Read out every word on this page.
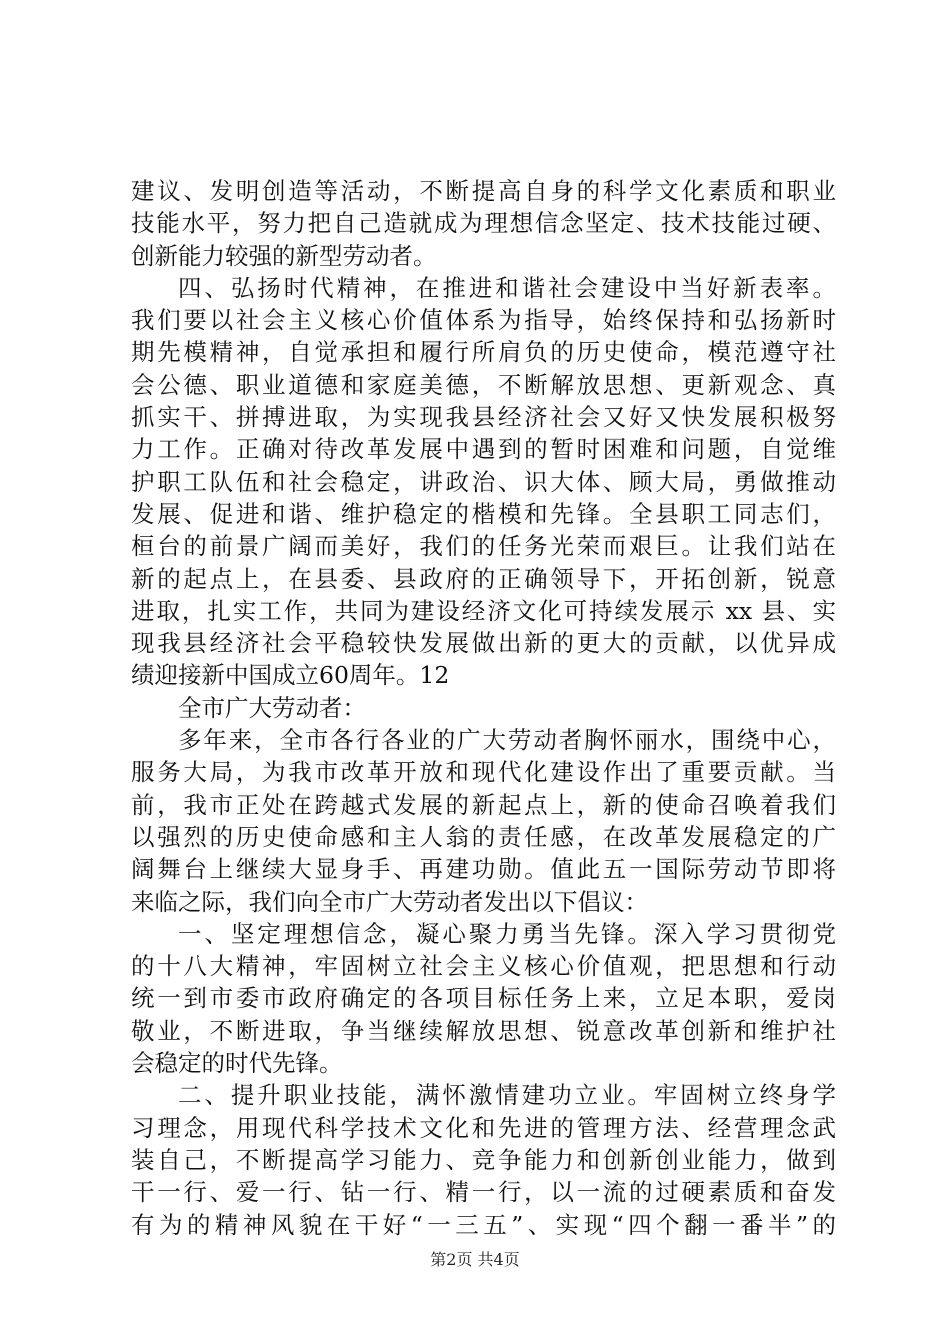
建议、发明创造等活动，不断提高自身的科学文化素质和职业
技能水平，努力把自己造就成为理想信念坚定、技术技能过硬、
创新能力较强的新型劳动者。
四、弘扬时代精神，在推进和谐社会建设中当好新表率。
我们要以社会主义核心价值体系为指导，始终保持和弘扬新时
期先模精神，自觉承担和履行所肩负的历史使命，模范遵守社
会公德、职业道德和家庭美德，不断解放思想、更新观念、真
抓实干、拼搏进取，为实现我县经济社会又好又快发展积极努
力工作。正确对待改革发展中遇到的暂时困难和问题，自觉维
护职工队伍和社会稳定，讲政治、识大体、顾大局，勇做推动
发展、促进和谐、维护稳定的楷模和先锋。全县职工同志们，
桓台的前景广阔而美好，我们的任务光荣而艰巨。让我们站在
新的起点上，在县委、县政府的正确领导下，开拓创新，锐意
进取，扎实工作，共同为建设经济文化可持续发展示 xx 县、实
现我县经济社会平稳较快发展做出新的更大的贡献，以优异成
绩迎接新中国成立60周年。12
全市广大劳动者：
多年来，全市各行各业的广大劳动者胸怀丽水，围绕中心，
服务大局，为我市改革开放和现代化建设作出了重要贡献。当
前，我市正处在跨越式发展的新起点上，新的使命召唤着我们
以强烈的历史使命感和主人翁的责任感，在改革发展稳定的广
阔舞台上继续大显身手、再建功勋。值此五一国际劳动节即将
来临之际，我们向全市广大劳动者发出以下倡议：
一、坚定理想信念，凝心聚力勇当先锋。深入学习贯彻党
的十八大精神，牢固树立社会主义核心价值观，把思想和行动
统一到市委市政府确定的各项目标任务上来，立足本职，爱岗
敬业，不断进取，争当继续解放思想、锐意改革创新和维护社
会稳定的时代先锋。
二、提升职业技能，满怀激情建功立业。牢固树立终身学
习理念，用现代科学技术文化和先进的管理方法、经营理念武
装自己，不断提高学习能力、竞争能力和创新创业能力，做到
干一行、爱一行、钻一行、精一行，以一流的过硬素质和奋发
有为的精神风貌在干好“一三五”、实现“四个翻一番半”的
第2页 共4页
